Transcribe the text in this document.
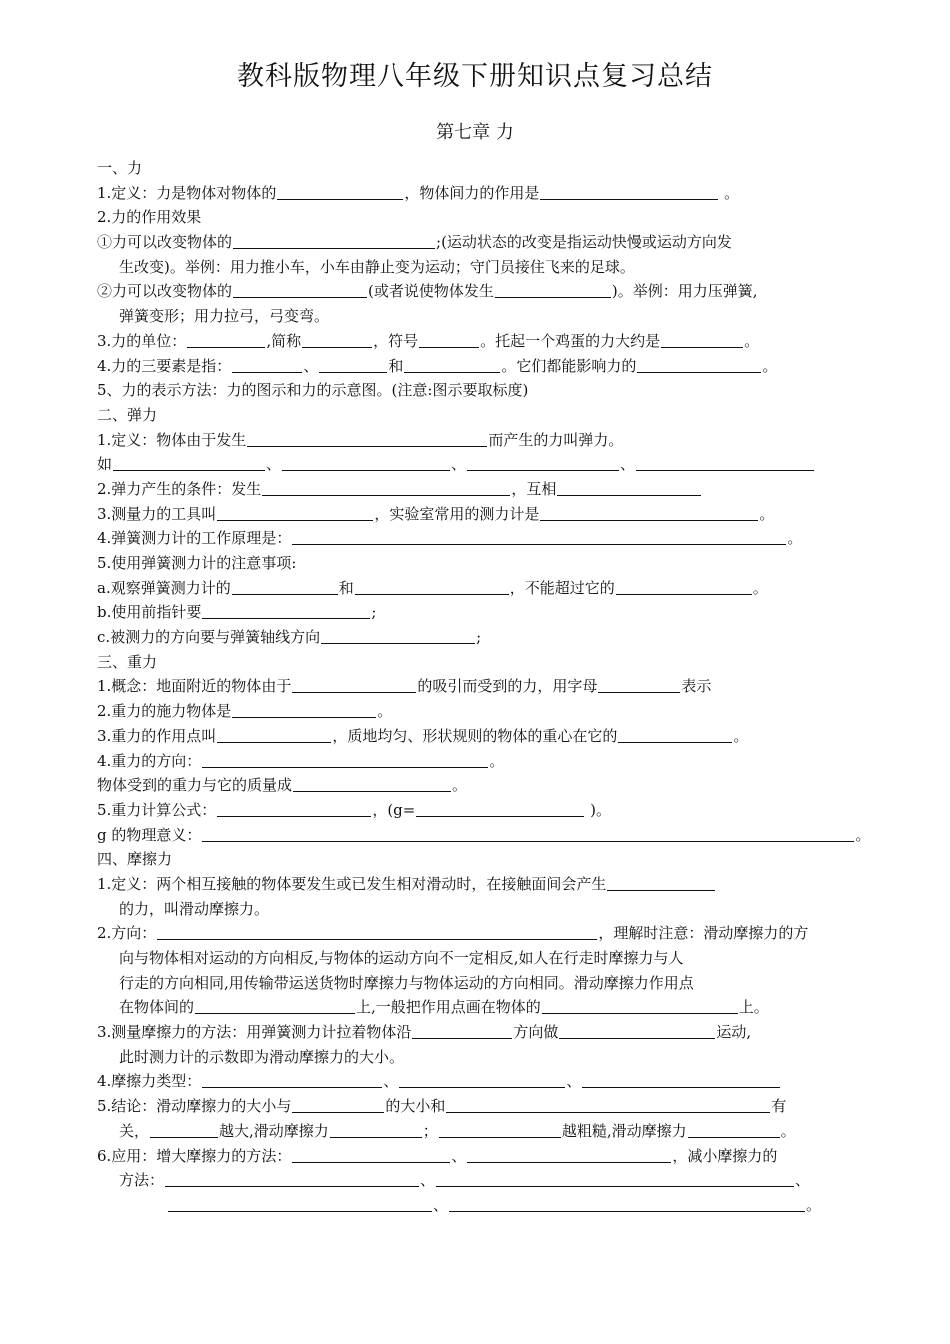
教科版物理八年级下册知识点复习总结
第七章 力
一、力
1.定义：力是物体对物体的	，物体间力的作用是	。
2.力的作用效果
①力可以改变物体的	;(运动状态的改变是指运动快慢或运动方向发
生改变)。举例：用力推小车，小车由静止变为运动；守门员接住飞来的足球。
②力可以改变物体的	(或者说使物体发生	)。举例：用力压弹簧,
弹簧变形；用力拉弓，弓变弯。
3.力的单位：	,简称	，符号	。托起一个鸡蛋的力大约是	。
4.力的三要素是指：	、	和	。它们都能影响力的	。
5、力的表示方法：力的图示和力的示意图。(注意:图示要取标度)
二、弹力
1.定义：物体由于发生	而产生的力叫弹力。
如	、	、	、
2.弹力产生的条件：发生	，互相
3.测量力的工具叫	，实验室常用的测力计是	。
4.弹簧测力计的工作原理是：	。
5.使用弹簧测力计的注意事项:
a.观察弹簧测力计的	和	，不能超过它的	。
b.使用前指针要	;
c.被测力的方向要与弹簧轴线方向	;
三、重力
1.概念：地面附近的物体由于	的吸引而受到的力，用字母	表示
2.重力的施力物体是	。
3.重力的作用点叫	，质地均匀、形状规则的物体的重心在它的	。
4.重力的方向：	。
物体受到的重力与它的质量成	。
5.重力计算公式：	，(g=	)。
g 的物理意义：	。
四、摩擦力
1.定义：两个相互接触的物体要发生或已发生相对滑动时，在接触面间会产生
的力，叫滑动摩擦力。
2.方向：	，理解时注意：滑动摩擦力的方
向与物体相对运动的方向相反,与物体的运动方向不一定相反,如人在行走时摩擦力与人
行走的方向相同,用传输带运送货物时摩擦力与物体运动的方向相同。滑动摩擦力作用点
在物体间的	上,一般把作用点画在物体的	上。
3.测量摩擦力的方法：用弹簧测力计拉着物体沿	方向做	运动,
此时测力计的示数即为滑动摩擦力的大小。
4.摩擦力类型：	、	、
5.结论：滑动摩擦力的大小与	的大小和	有
关，	越大,滑动摩擦力	；	越粗糙,滑动摩擦力	。
6.应用：增大摩擦力的方法：	、	，减小摩擦力的
方法：	、	、
、	。
